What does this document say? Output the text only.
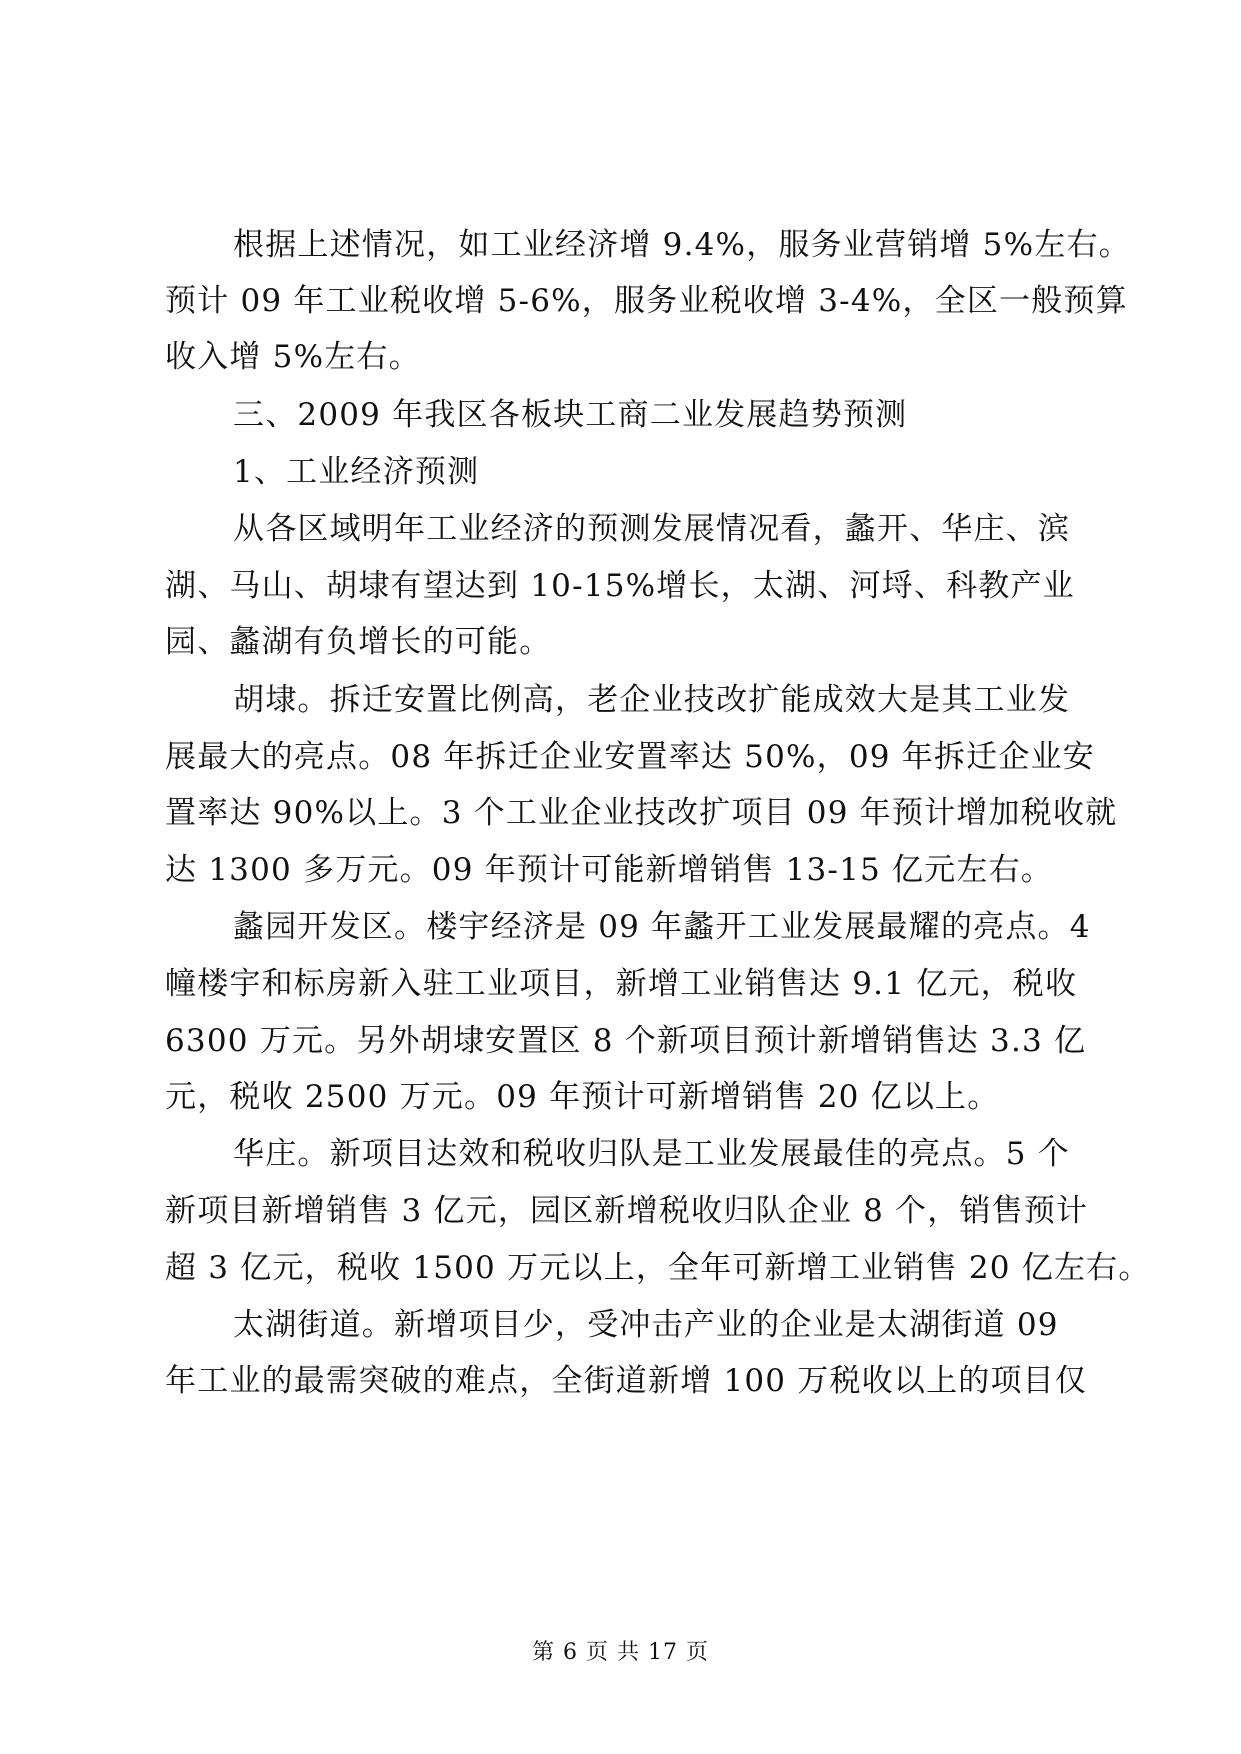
根据上述情况，如工业经济增 9.4%，服务业营销增 5%左右。
预计 09 年工业税收增 5-6%，服务业税收增 3-4%，全区一般预算
收入增 5%左右。
三、2009 年我区各板块工商二业发展趋势预测
1、工业经济预测
从各区域明年工业经济的预测发展情况看，蠡开、华庄、滨
湖、马山、胡埭有望达到 10-15%增长，太湖、河埒、科教产业
园、蠡湖有负增长的可能。
胡埭。拆迁安置比例高，老企业技改扩能成效大是其工业发
展最大的亮点。08 年拆迁企业安置率达 50%，09 年拆迁企业安
置率达 90%以上。3 个工业企业技改扩项目 09 年预计增加税收就
达 1300 多万元。09 年预计可能新增销售 13-15 亿元左右。
蠡园开发区。楼宇经济是 09 年蠡开工业发展最耀的亮点。4
幢楼宇和标房新入驻工业项目，新增工业销售达 9.1 亿元，税收
6300 万元。另外胡埭安置区 8 个新项目预计新增销售达 3.3 亿
元，税收 2500 万元。09 年预计可新增销售 20 亿以上。
华庄。新项目达效和税收归队是工业发展最佳的亮点。5 个
新项目新增销售 3 亿元，园区新增税收归队企业 8 个，销售预计
超 3 亿元，税收 1500 万元以上，全年可新增工业销售 20 亿左右。
太湖街道。新增项目少，受冲击产业的企业是太湖街道 09
年工业的最需突破的难点，全街道新增 100 万税收以上的项目仅
第 6 页 共 17 页
